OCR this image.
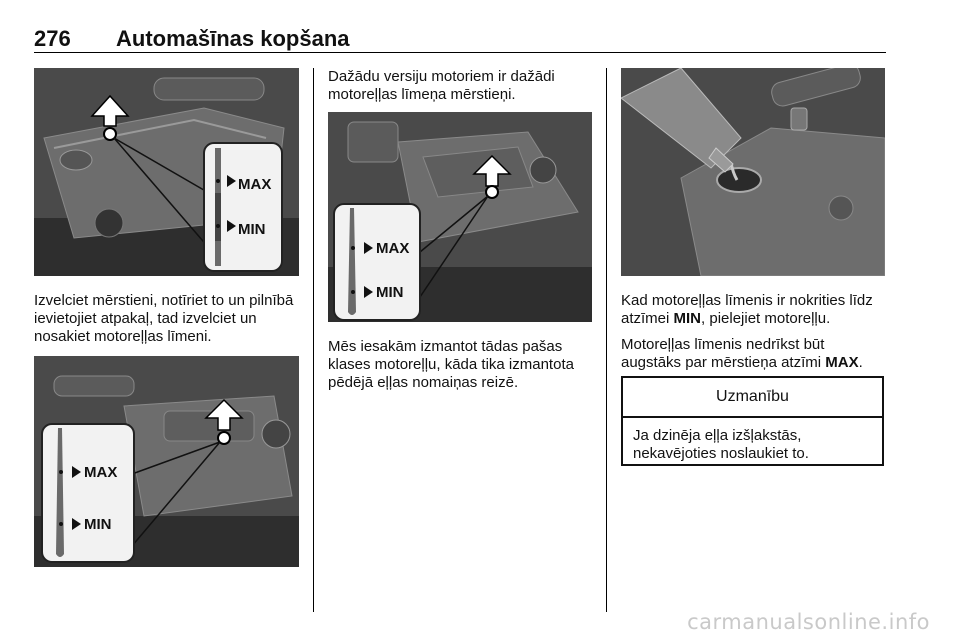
276 Automašīnas kopšana
MAX
MIN

Izvelciet mērstieni, notīriet to un pilnībā ievietojiet atpakaļ, tad izvelciet un nosakiet motoreļļas līmeni.

MAX
MIN

Dažādu versiju motoriem ir dažādi motoreļļas līmeņa mērstieņi.

MAX
MIN

Mēs iesakām izmantot tādas pašas klases motoreļļu, kāda tika izmantota pēdējā eļļas nomaiņas reizē.

Kad motoreļļas līmenis ir nokrities līdz atzīmei MIN, pielejiet motoreļļu.

Motoreļļas līmenis nedrīkst būt augstāks par mērstieņa atzīmi MAX.

Uzmanību
Ja dzinēja eļļa izšļakstās, nekavējoties noslaukiet to.
carmanualsonline.info
